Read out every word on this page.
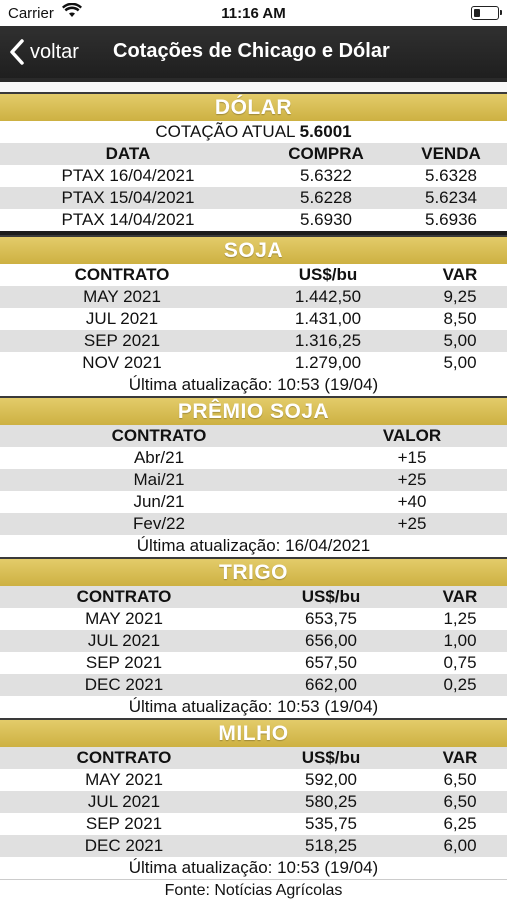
Carrier	11:16 AM
voltar Cotações de Chicago e Dólar
DÓLAR
COTAÇÃO ATUAL 5.6001
DATA	COMPRA	VENDA
PTAX 16/04/2021	5.6322	5.6328
PTAX 15/04/2021	5.6228	5.6234
PTAX 14/04/2021	5.6930	5.6936
SOJA
CONTRATO	US$/bu	VAR
MAY 2021	1.442,50	9,25
JUL 2021	1.431,00	8,50
SEP 2021	1.316,25	5,00
NOV 2021	1.279,00	5,00
Última atualização: 10:53 (19/04)
PRÊMIO SOJA
CONTRATO	VALOR
Abr/21	+15
Mai/21	+25
Jun/21	+40
Fev/22	+25
Última atualização: 16/04/2021
TRIGO
CONTRATO	US$/bu	VAR
MAY 2021	653,75	1,25
JUL 2021	656,00	1,00
SEP 2021	657,50	0,75
DEC 2021	662,00	0,25
Última atualização: 10:53 (19/04)
MILHO
CONTRATO	US$/bu	VAR
MAY 2021	592,00	6,50
JUL 2021	580,25	6,50
SEP 2021	535,75	6,25
DEC 2021	518,25	6,00
Última atualização: 10:53 (19/04)
Fonte: Notícias Agrícolas
